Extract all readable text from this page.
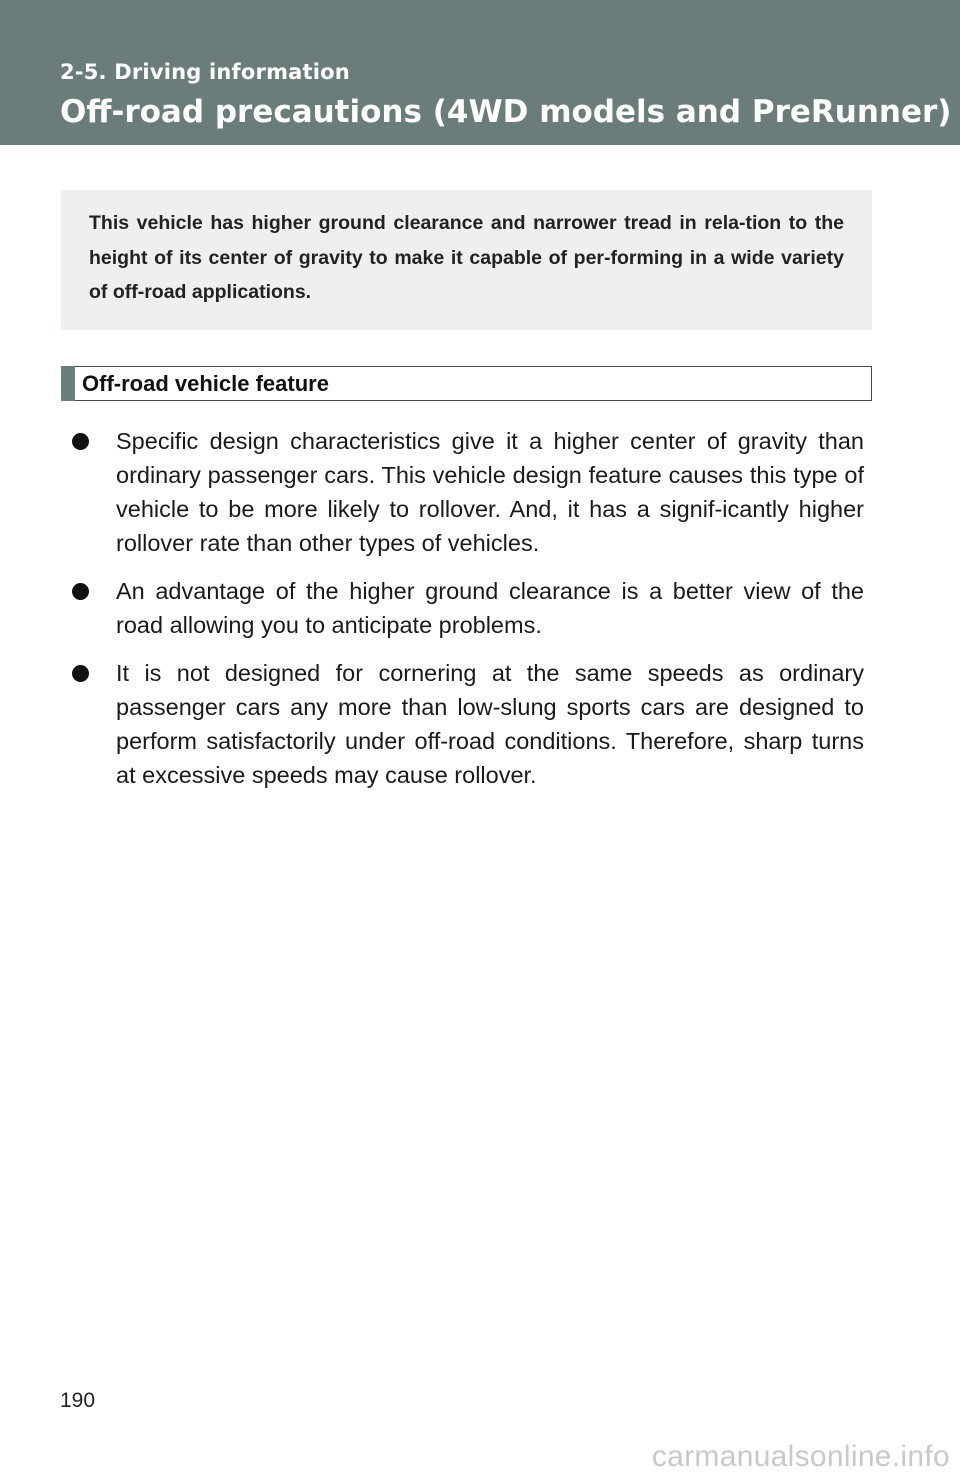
2-5. Driving information
Off-road precautions (4WD models and PreRunner)

This vehicle has higher ground clearance and narrower tread in rela-tion to the height of its center of gravity to make it capable of per-forming in a wide variety of off-road applications.

Off-road vehicle feature

Specific design characteristics give it a higher center of gravity than ordinary passenger cars. This vehicle design feature causes this type of vehicle to be more likely to rollover. And, it has a signif-icantly higher rollover rate than other types of vehicles.

An advantage of the higher ground clearance is a better view of the road allowing you to anticipate problems.

It is not designed for cornering at the same speeds as ordinary passenger cars any more than low-slung sports cars are designed to perform satisfactorily under off-road conditions. Therefore, sharp turns at excessive speeds may cause rollover.

190
carmanualsonline.info
